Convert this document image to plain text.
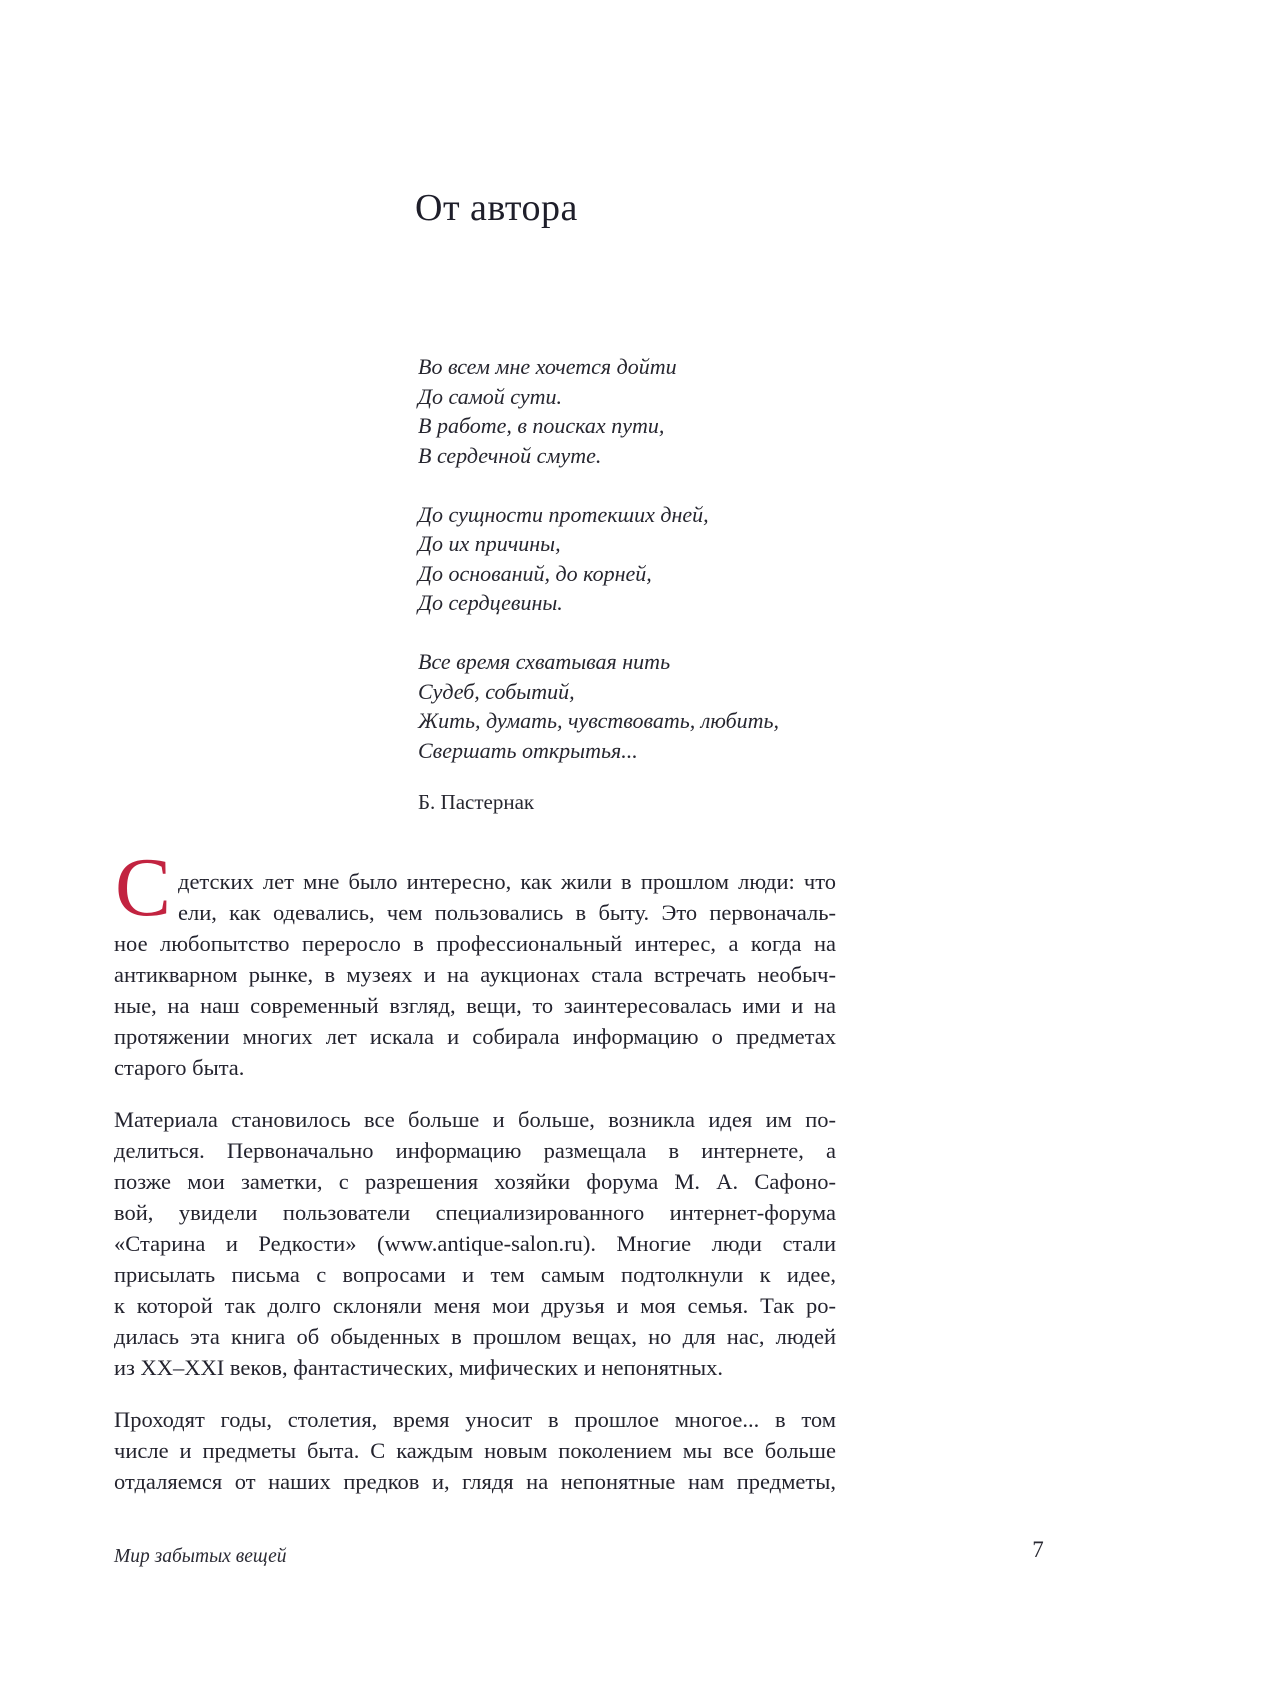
От автора
Во всем мне хочется дойти
До самой сути.
В работе, в поисках пути,
В сердечной смуте.
До сущности протекших дней,
До их причины,
До оснований, до корней,
До сердцевины.
Все время схватывая нить
Судеб, событий,
Жить, думать, чувствовать, любить,
Свершать открытья...
Б. Пастернак
С детских лет мне было интересно, как жили в прошлом люди: что
ели, как одевались, чем пользовались в быту. Это первоначаль-
ное любопытство переросло в профессиональный интерес, а когда на
антикварном рынке, в музеях и на аукционах стала встречать необыч-
ные, на наш современный взгляд, вещи, то заинтересовалась ими и на
протяжении многих лет искала и собирала информацию о предметах
старого быта.
Материала становилось все больше и больше, возникла идея им по-
делиться. Первоначально информацию размещала в интернете, а
позже мои заметки, с разрешения хозяйки форума М. А. Сафоно-
вой, увидели пользователи специализированного интернет-форума
«Старина и Редкости» (www.antique-salon.ru). Многие люди стали
присылать письма с вопросами и тем самым подтолкнули к идее,
к которой так долго склоняли меня мои друзья и моя семья. Так ро-
дилась эта книга об обыденных в прошлом вещах, но для нас, людей
из XX–XXI веков, фантастических, мифических и непонятных.
Проходят годы, столетия, время уносит в прошлое многое... в том
числе и предметы быта. С каждым новым поколением мы все больше
отдаляемся от наших предков и, глядя на непонятные нам предметы,
Мир забытых вещей	7
